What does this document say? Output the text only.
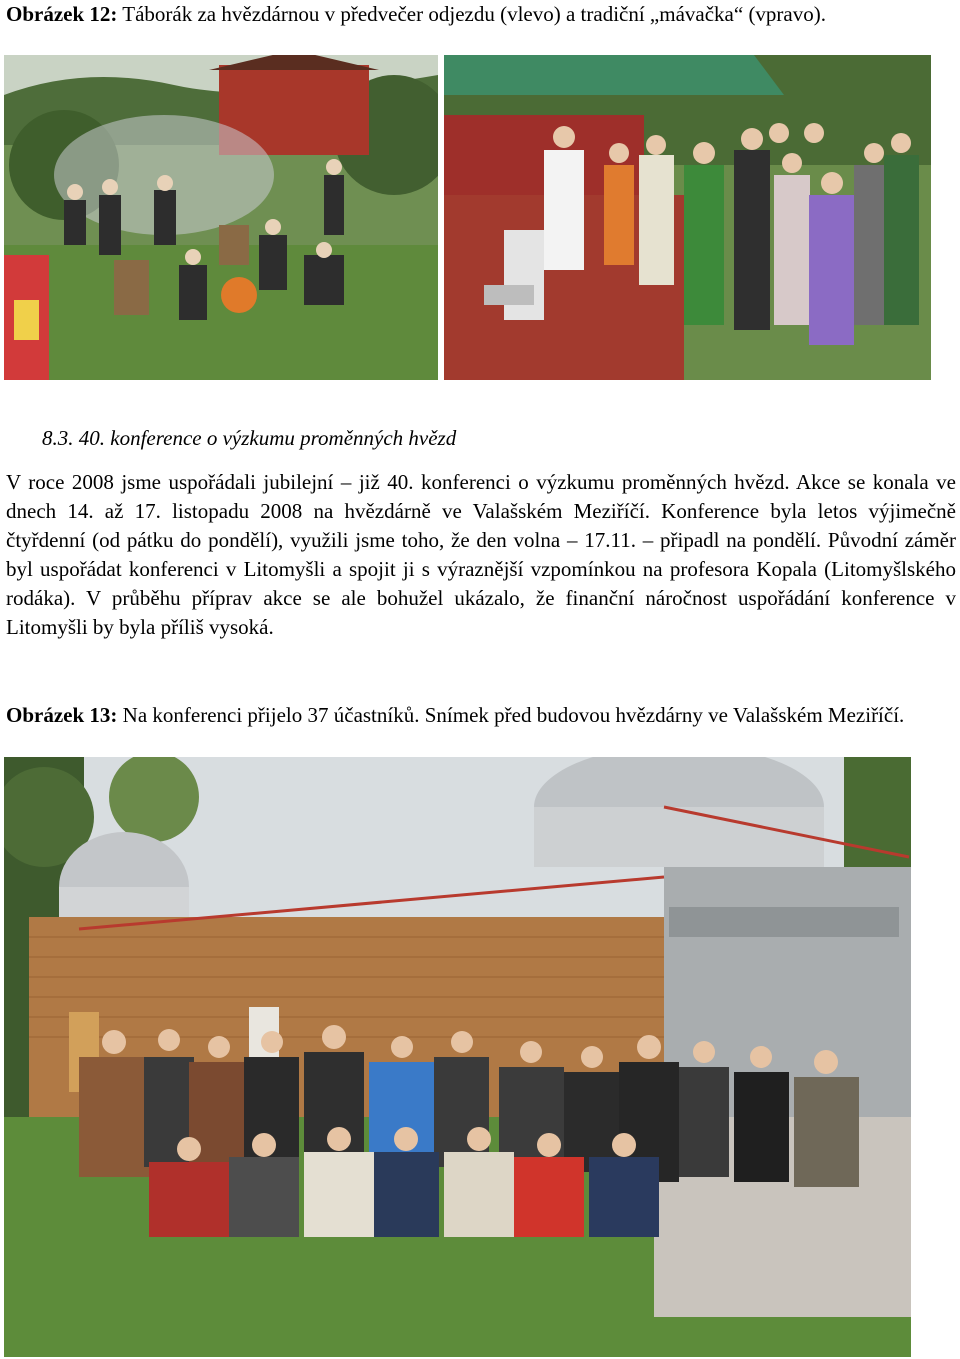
Obrázek 12: Táborák za hvězdárnou v předvečer odjezdu (vlevo) a tradiční „mávačka“ (vpravo).

8.3. 40. konference o výzkumu proměnných hvězd

V roce 2008 jsme uspořádali jubilejní – již 40. konferenci o výzkumu proměnných hvězd. Akce se konala ve dnech 14. až 17. listopadu 2008 na hvězdárně ve Valašském Meziříčí. Konference byla letos výjimečně čtyřdenní (od pátku do pondělí), využili jsme toho, že den volna – 17.11. – připadl na pondělí. Původní záměr byl uspořádat konferenci v Litomyšli a spojit ji s výraznější vzpomínkou na profesora Kopala (Litomyšlského rodáka). V průběhu příprav akce se ale bohužel ukázalo, že finanční náročnost uspořádání konference v Litomyšli by byla příliš vysoká.

Obrázek 13: Na konferenci přijelo 37 účastníků. Snímek před budovou hvězdárny ve Valašském Meziříčí.
